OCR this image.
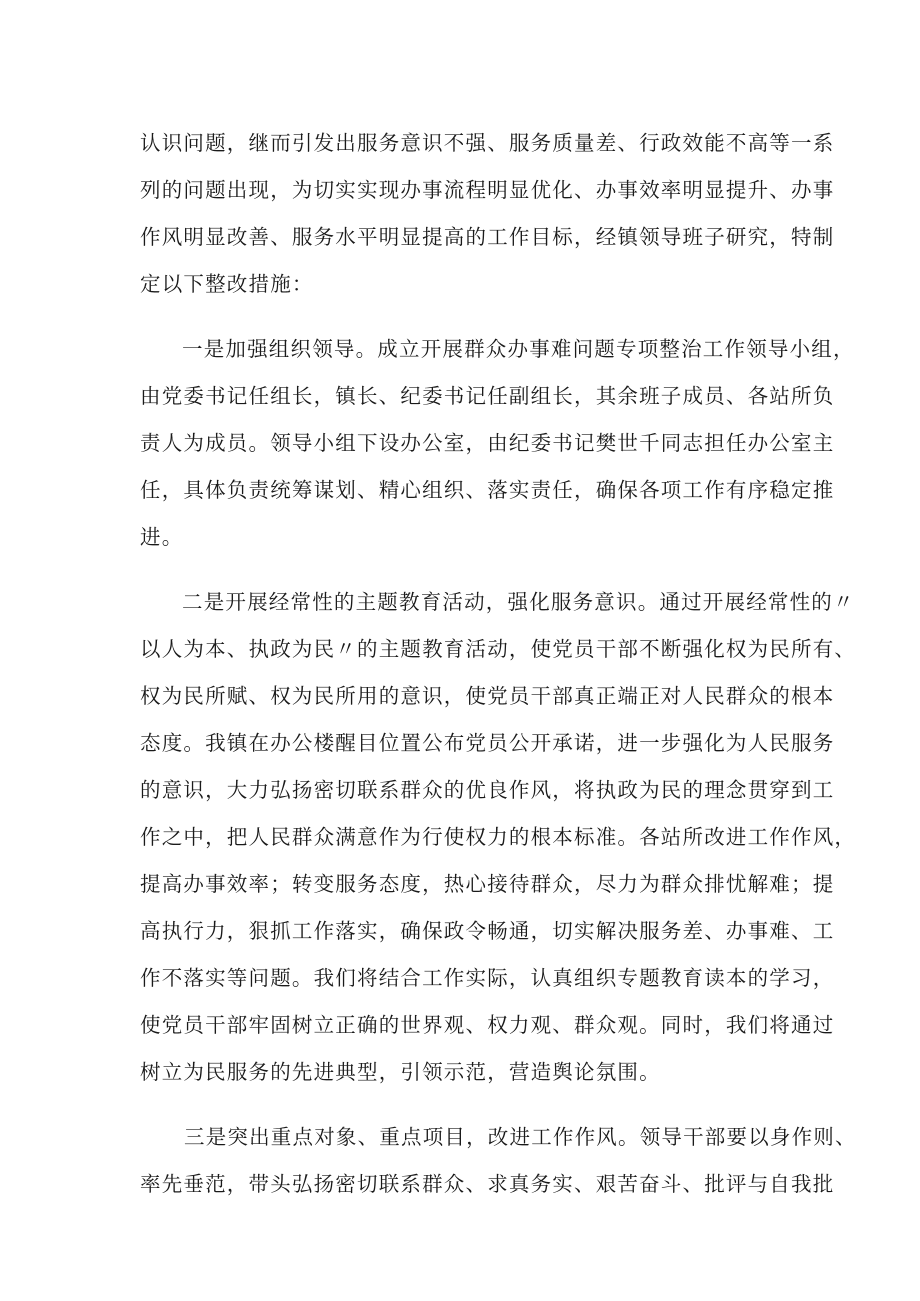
认识问题，继而引发出服务意识不强、服务质量差、行政效能不高等一系
列的问题出现，为切实实现办事流程明显优化、办事效率明显提升、办事
作风明显改善、服务水平明显提高的工作目标，经镇领导班子研究，特制
定以下整改措施：
一是加强组织领导。成立开展群众办事难问题专项整治工作领导小组，
由党委书记任组长，镇长、纪委书记任副组长，其余班子成员、各站所负
责人为成员。领导小组下设办公室，由纪委书记樊世千同志担任办公室主
任，具体负责统筹谋划、精心组织、落实责任，确保各项工作有序稳定推
进。
二是开展经常性的主题教育活动，强化服务意识。通过开展经常性的〃
以人为本、执政为民〃的主题教育活动，使党员干部不断强化权为民所有、
权为民所赋、权为民所用的意识，使党员干部真正端正对人民群众的根本
态度。我镇在办公楼醒目位置公布党员公开承诺，进一步强化为人民服务
的意识，大力弘扬密切联系群众的优良作风，将执政为民的理念贯穿到工
作之中，把人民群众满意作为行使权力的根本标准。各站所改进工作作风，
提高办事效率；转变服务态度，热心接待群众，尽力为群众排忧解难；提
高执行力，狠抓工作落实，确保政令畅通，切实解决服务差、办事难、工
作不落实等问题。我们将结合工作实际，认真组织专题教育读本的学习，
使党员干部牢固树立正确的世界观、权力观、群众观。同时，我们将通过
树立为民服务的先进典型，引领示范，营造舆论氛围。
三是突出重点对象、重点项目，改进工作作风。领导干部要以身作则、
率先垂范，带头弘扬密切联系群众、求真务实、艰苦奋斗、批评与自我批
